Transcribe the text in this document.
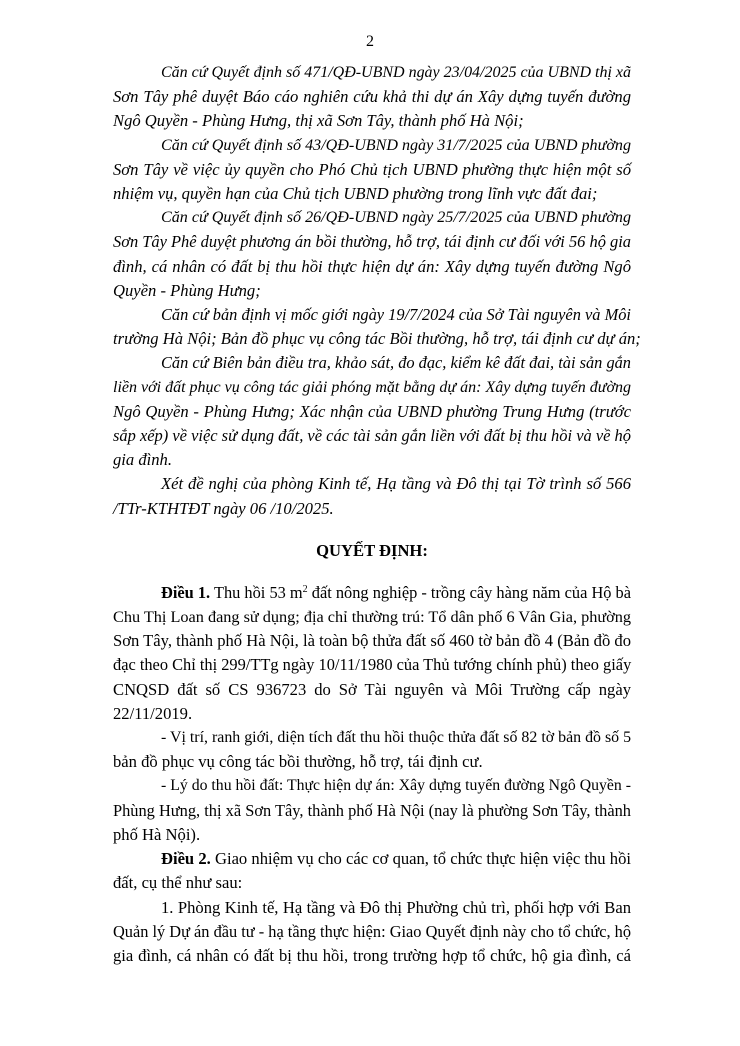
2
Căn cứ Quyết định số 471/QĐ-UBND ngày 23/04/2025 của UBND thị xã
Sơn Tây phê duyệt Báo cáo nghiên cứu khả thi dự án Xây dựng tuyến đường
Ngô Quyền - Phùng Hưng, thị xã Sơn Tây, thành phố Hà Nội;
Căn cứ Quyết định số 43/QĐ-UBND ngày 31/7/2025 của UBND phường
Sơn Tây về việc ủy quyền cho Phó Chủ tịch UBND phường thực hiện một số
nhiệm vụ, quyền hạn của Chủ tịch UBND phường trong lĩnh vực đất đai;
Căn cứ Quyết định số 26/QĐ-UBND ngày 25/7/2025 của UBND phường
Sơn Tây Phê duyệt phương án bồi thường, hỗ trợ, tái định cư đối với 56 hộ gia
đình, cá nhân có đất bị thu hồi thực hiện dự án: Xây dựng tuyến đường Ngô
Quyền - Phùng Hưng;
Căn cứ bản định vị mốc giới ngày 19/7/2024 của Sở Tài nguyên và Môi
trường Hà Nội; Bản đồ phục vụ công tác Bồi thường, hỗ trợ, tái định cư dự án;
Căn cứ Biên bản điều tra, khảo sát, đo đạc, kiểm kê đất đai, tài sản gắn
liền với đất phục vụ công tác giải phóng mặt bằng dự án: Xây dựng tuyến đường
Ngô Quyền - Phùng Hưng; Xác nhận của UBND phường Trung Hưng (trước
sắp xếp) về việc sử dụng đất, về các tài sản gắn liền với đất bị thu hồi và về hộ
gia đình.
Xét đề nghị của phòng Kinh tế, Hạ tầng và Đô thị tại Tờ trình số 566
/TTr-KTHTĐT ngày 06 /10/2025.
QUYẾT ĐỊNH:
Điều 1. Thu hồi 53 $m^2$ đất nông nghiệp - trồng cây hàng năm của Hộ bà
Chu Thị Loan đang sử dụng; địa chỉ thường trú: Tổ dân phố 6 Vân Gia, phường
Sơn Tây, thành phố Hà Nội, là toàn bộ thửa đất số 460 tờ bản đồ 4 (Bản đồ đo
đạc theo Chỉ thị 299/TTg ngày 10/11/1980 của Thủ tướng chính phủ) theo giấy
CNQSD đất số CS 936723 do Sở Tài nguyên và Môi Trường cấp ngày
22/11/2019.
- Vị trí, ranh giới, diện tích đất thu hồi thuộc thửa đất số 82 tờ bản đồ số 5
bản đồ phục vụ công tác bồi thường, hỗ trợ, tái định cư.
- Lý do thu hồi đất: Thực hiện dự án: Xây dựng tuyến đường Ngô Quyền -
Phùng Hưng, thị xã Sơn Tây, thành phố Hà Nội (nay là phường Sơn Tây, thành
phố Hà Nội).
Điều 2. Giao nhiệm vụ cho các cơ quan, tổ chức thực hiện việc thu hồi
đất, cụ thể như sau:
1. Phòng Kinh tế, Hạ tầng và Đô thị Phường chủ trì, phối hợp với Ban
Quản lý Dự án đầu tư - hạ tầng thực hiện: Giao Quyết định này cho tổ chức, hộ
gia đình, cá nhân có đất bị thu hồi, trong trường hợp tổ chức, hộ gia đình, cá
